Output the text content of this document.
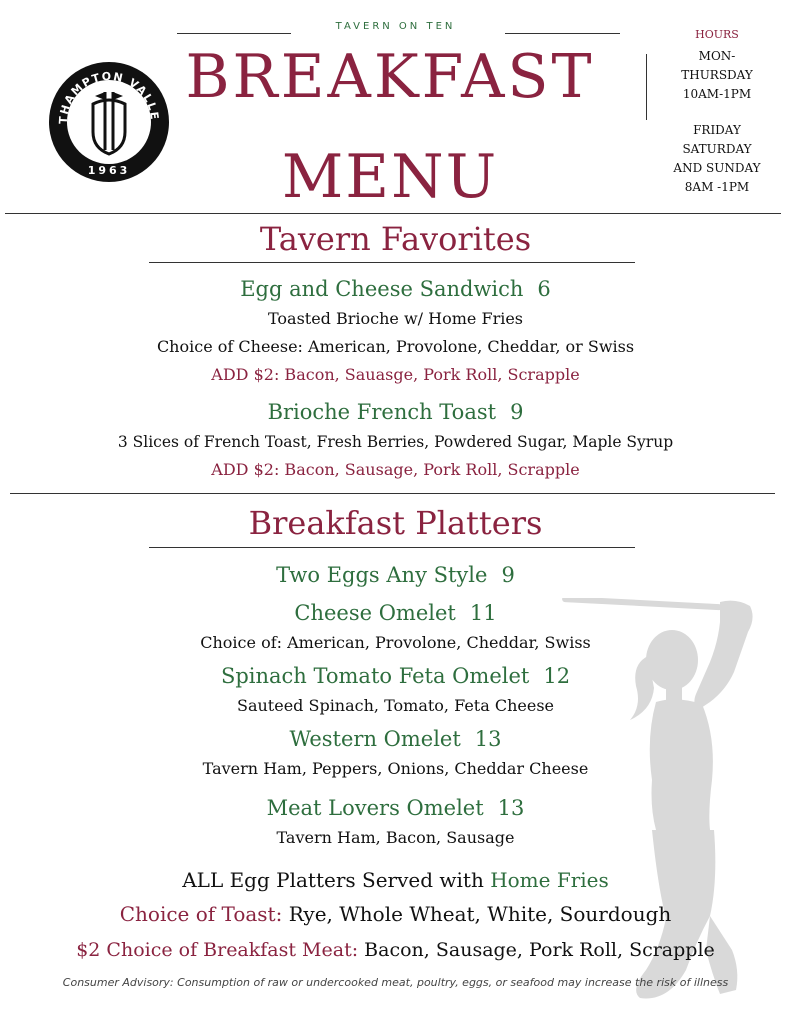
TAVERN ON TEN
BREAKFAST
MENU
THAMPTON VALLE
1963
HOURS
MON-
THURSDAY
10AM-1PM
FRIDAY
SATURDAY
AND SUNDAY
8AM -1PM
Tavern Favorites
Egg and Cheese Sandwich 6
Toasted Brioche w/ Home Fries
Choice of Cheese: American, Provolone, Cheddar, or Swiss
ADD $2: Bacon, Sauasge, Pork Roll, Scrapple
Brioche French Toast 9
3 Slices of French Toast, Fresh Berries, Powdered Sugar, Maple Syrup
ADD $2: Bacon, Sausage, Pork Roll, Scrapple
Breakfast Platters
Two Eggs Any Style 9
Cheese Omelet 11
Choice of: American, Provolone, Cheddar, Swiss
Spinach Tomato Feta Omelet 12
Sauteed Spinach, Tomato, Feta Cheese
Western Omelet 13
Tavern Ham, Peppers, Onions, Cheddar Cheese
Meat Lovers Omelet 13
Tavern Ham, Bacon, Sausage
ALL Egg Platters Served with Home Fries
Choice of Toast: Rye, Whole Wheat, White, Sourdough
$2 Choice of Breakfast Meat: Bacon, Sausage, Pork Roll, Scrapple
Consumer Advisory: Consumption of raw or undercooked meat, poultry, eggs, or seafood may increase the risk of illness
